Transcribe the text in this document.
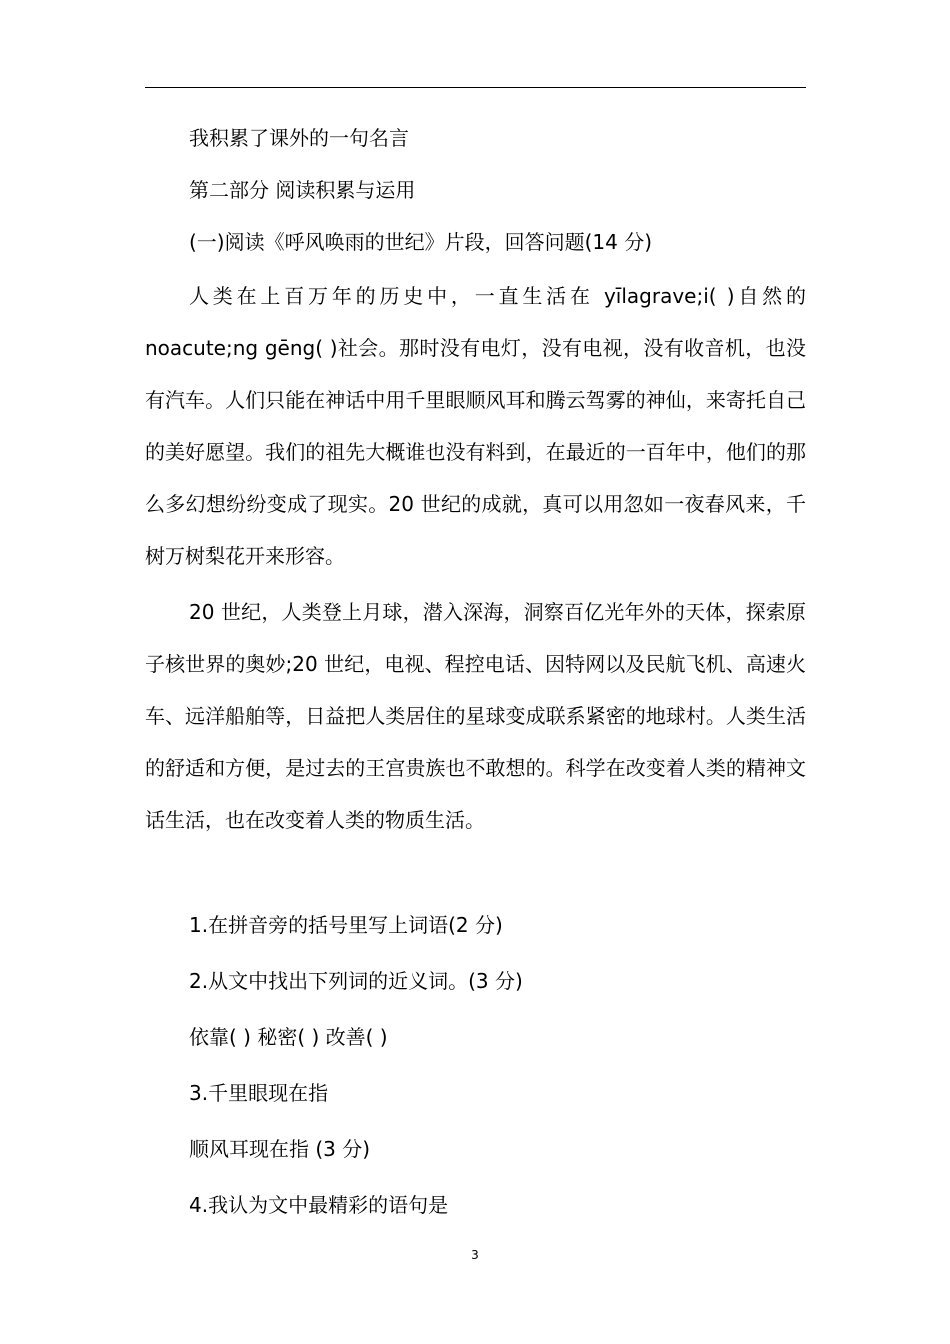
我积累了课外的一句名言
第二部分 阅读积累与运用
(一)阅读《呼风唤雨的世纪》片段，回答问题(14 分)
人类在上百万年的历史中，一直生活在 yīlagrave;i( )自然的noacute;ng gēng( )社会。那时没有电灯，没有电视，没有收音机，也没有汽车。人们只能在神话中用千里眼顺风耳和腾云驾雾的神仙，来寄托自己的美好愿望。我们的祖先大概谁也没有料到，在最近的一百年中，他们的那么多幻想纷纷变成了现实。20 世纪的成就，真可以用忽如一夜春风来，千树万树梨花开来形容。
20 世纪，人类登上月球，潜入深海，洞察百亿光年外的天体，探索原子核世界的奥妙;20 世纪，电视、程控电话、因特网以及民航飞机、高速火车、远洋船舶等，日益把人类居住的星球变成联系紧密的地球村。人类生活的舒适和方便，是过去的王宫贵族也不敢想的。科学在改变着人类的精神文话生活，也在改变着人类的物质生活。
1.在拼音旁的括号里写上词语(2 分)
2.从文中找出下列词的近义词。(3 分)
依靠( ) 秘密( ) 改善( )
3.千里眼现在指
顺风耳现在指 (3 分)
4.我认为文中最精彩的语句是
3
